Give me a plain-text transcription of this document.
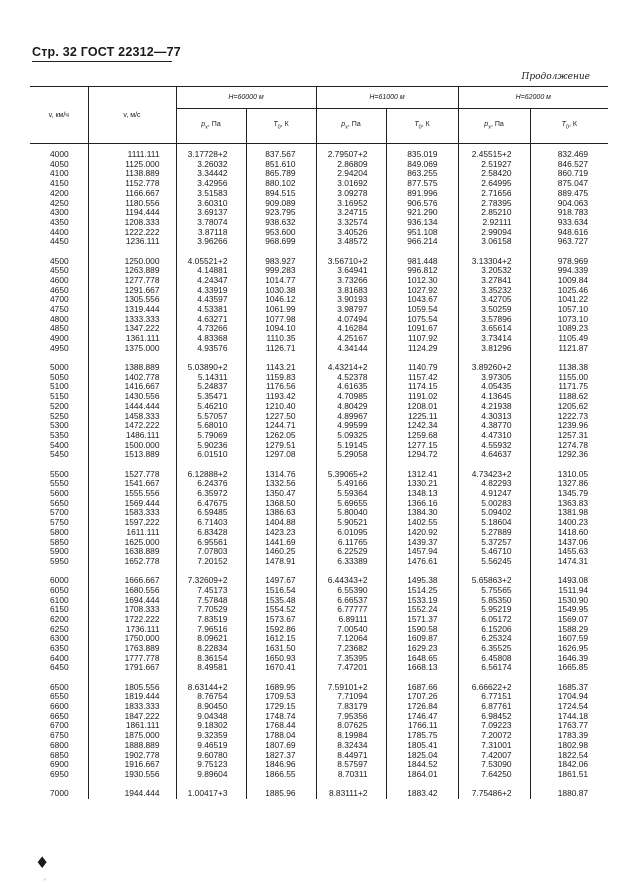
Стр. 32 ГОСТ 22312—77
Продолжение
v, км/ч	v, м/с	H=60000 м		H=61000 м		H=62000 м	
		$p_x$, Па	$T_0$, К	$p_x$, Па	$T_0$, К	$p_x$, Па	$T_0$, К

4000	1111.111	3.17728+2	837.567	2.79507+2	835.019	2.45515+2	832.469
4050	1125.000	3.26032	851.610	2.86809	849.069	2.51927	846.527
4100	1138.889	3.34442	865.789	2.94204	863.255	2.58420	860.719
4150	1152.778	3.42956	880.102	3.01692	877.575	2.64995	875.047
4200	1166.667	3.51583	894.515	3.09278	891.996	2.71656	889.475
4250	1180.556	3.60310	909.089	3.16952	906.576	2.78395	904.063
4300	1194.444	3.69137	923.795	3.24715	921.290	2.85210	918.783
4350	1208.333	3.78074	938.632	3.32574	936.134	2.92111	933.634
4400	1222.222	3.87118	953.600	3.40526	951.108	2.99094	948.616
4450	1236.111	3.96266	968.699	3.48572	966.214	3.06158	963.727

4500	1250.000	4.05521+2	983.927	3.56710+2	981.448	3.13304+2	978.969
4550	1263.889	4.14881	999.283	3.64941	996.812	3.20532	994.339
4600	1277.778	4.24347	1014.77	3.73266	1012.30	3.27841	1009.84
4650	1291.667	4.33919	1030.38	3.81683	1027.92	3.35232	1025.46
4700	1305.556	4.43597	1046.12	3.90193	1043.67	3.42705	1041.22
4750	1319.444	4.53381	1061.99	3.98797	1059.54	3.50259	1057.10
4800	1333.333	4.63271	1077.98	4.07494	1075.54	3.57896	1073.10
4850	1347.222	4.73266	1094.10	4.16284	1091.67	3.65614	1089.23
4900	1361.111	4.83368	1110.35	4.25167	1107.92	3.73414	1105.49
4950	1375.000	4.93576	1126.71	4.34144	1124.29	3.81296	1121.87

5000	1388.889	5.03890+2	1143.21	4.43214+2	1140.79	3.89260+2	1138.38
5050	1402.778	5.14311	1159.83	4.52378	1157.42	3.97305	1155.00
5100	1416.667	5.24837	1176.56	4.61635	1174.15	4.05435	1171.75
5150	1430.556	5.35471	1193.42	4.70985	1191.02	4.13645	1188.62
5200	1444.444	5.46210	1210.40	4.80429	1208.01	4.21938	1205.62
5250	1458.333	5.57057	1227.50	4.89967	1225.11	4.30313	1222.73
5300	1472.222	5.68010	1244.71	4.99599	1242.34	4.38770	1239.96
5350	1486.111	5.79069	1262.05	5.09325	1259.68	4.47310	1257.31
5400	1500.000	5.90236	1279.51	5.19145	1277.15	4.55932	1274.78
5450	1513.889	6.01510	1297.08	5.29058	1294.72	4.64637	1292.36

5500	1527.778	6.12888+2	1314.76	5.39065+2	1312.41	4.73423+2	1310.05
5550	1541.667	6.24376	1332.56	5.49166	1330.21	4.82293	1327.86
5600	1555.556	6.35972	1350.47	5.59364	1348.13	4.91247	1345.79
5650	1569.444	6.47675	1368.50	5.69655	1366.16	5.00283	1363.83
5700	1583.333	6.59485	1386.63	5.80040	1384.30	5.09402	1381.98
5750	1597.222	6.71403	1404.88	5.90521	1402.55	5.18604	1400.23
5800	1611.111	6.83428	1423.23	6.01095	1420.92	5.27889	1418.60
5850	1625.000	6.95561	1441.69	6.11765	1439.37	5.37257	1437.06
5900	1638.889	7.07803	1460.25	6.22529	1457.94	5.46710	1455.63
5950	1652.778	7.20152	1478.91	6.33389	1476.61	5.56245	1474.31

6000	1666.667	7.32609+2	1497.67	6.44343+2	1495.38	5.65863+2	1493.08
6050	1680.556	7.45173	1516.54	6.55390	1514.25	5.75565	1511.94
6100	1694.444	7.57848	1535.48	6.66537	1533.19	5.85350	1530.90
6150	1708.333	7.70529	1554.52	6.77777	1552.24	5.95219	1549.95
6200	1722.222	7.83519	1573.67	6.89111	1571.37	6.05172	1569.07
6250	1736.111	7.96516	1592.86	7.00540	1590.58	6.15206	1588.29
6300	1750.000	8.09621	1612.15	7.12064	1609.87	6.25324	1607.59
6350	1763.889	8.22834	1631.50	7.23682	1629.23	6.35525	1626.95
6400	1777.778	8.36154	1650.93	7.35395	1648.65	6.45808	1646.39
6450	1791.667	8.49581	1670.41	7.47201	1668.13	6.56174	1665.85

6500	1805.556	8.63144+2	1689.95	7.59101+2	1687.66	6.66622+2	1685.37
6550	1819.444	8.76754	1709.53	7.71094	1707.26	6.77151	1704.94
6600	1833.333	8.90450	1729.15	7.83179	1726.84	6.87761	1724.54
6650	1847.222	9.04348	1748.74	7.95356	1746.47	6.98452	1744.18
6700	1861.111	9.18302	1768.44	8.07625	1766.11	7.09223	1763.77
6750	1875.000	9.32359	1788.04	8.19984	1785.75	7.20072	1783.39
6800	1888.889	9.46519	1807.69	8.32434	1805.41	7.31001	1802.98
6850	1902.778	9.60780	1827.37	8.44971	1825.04	7.42007	1822.54
6900	1916.667	9.75123	1846.96	8.57597	1844.52	7.53090	1842.06
6950	1930.556	9.89604	1866.55	8.70311	1864.01	7.64250	1861.51

7000	1944.444	1.00417+3	1885.96	8.83111+2	1883.42	7.75486+2	1880.87
♦
'
